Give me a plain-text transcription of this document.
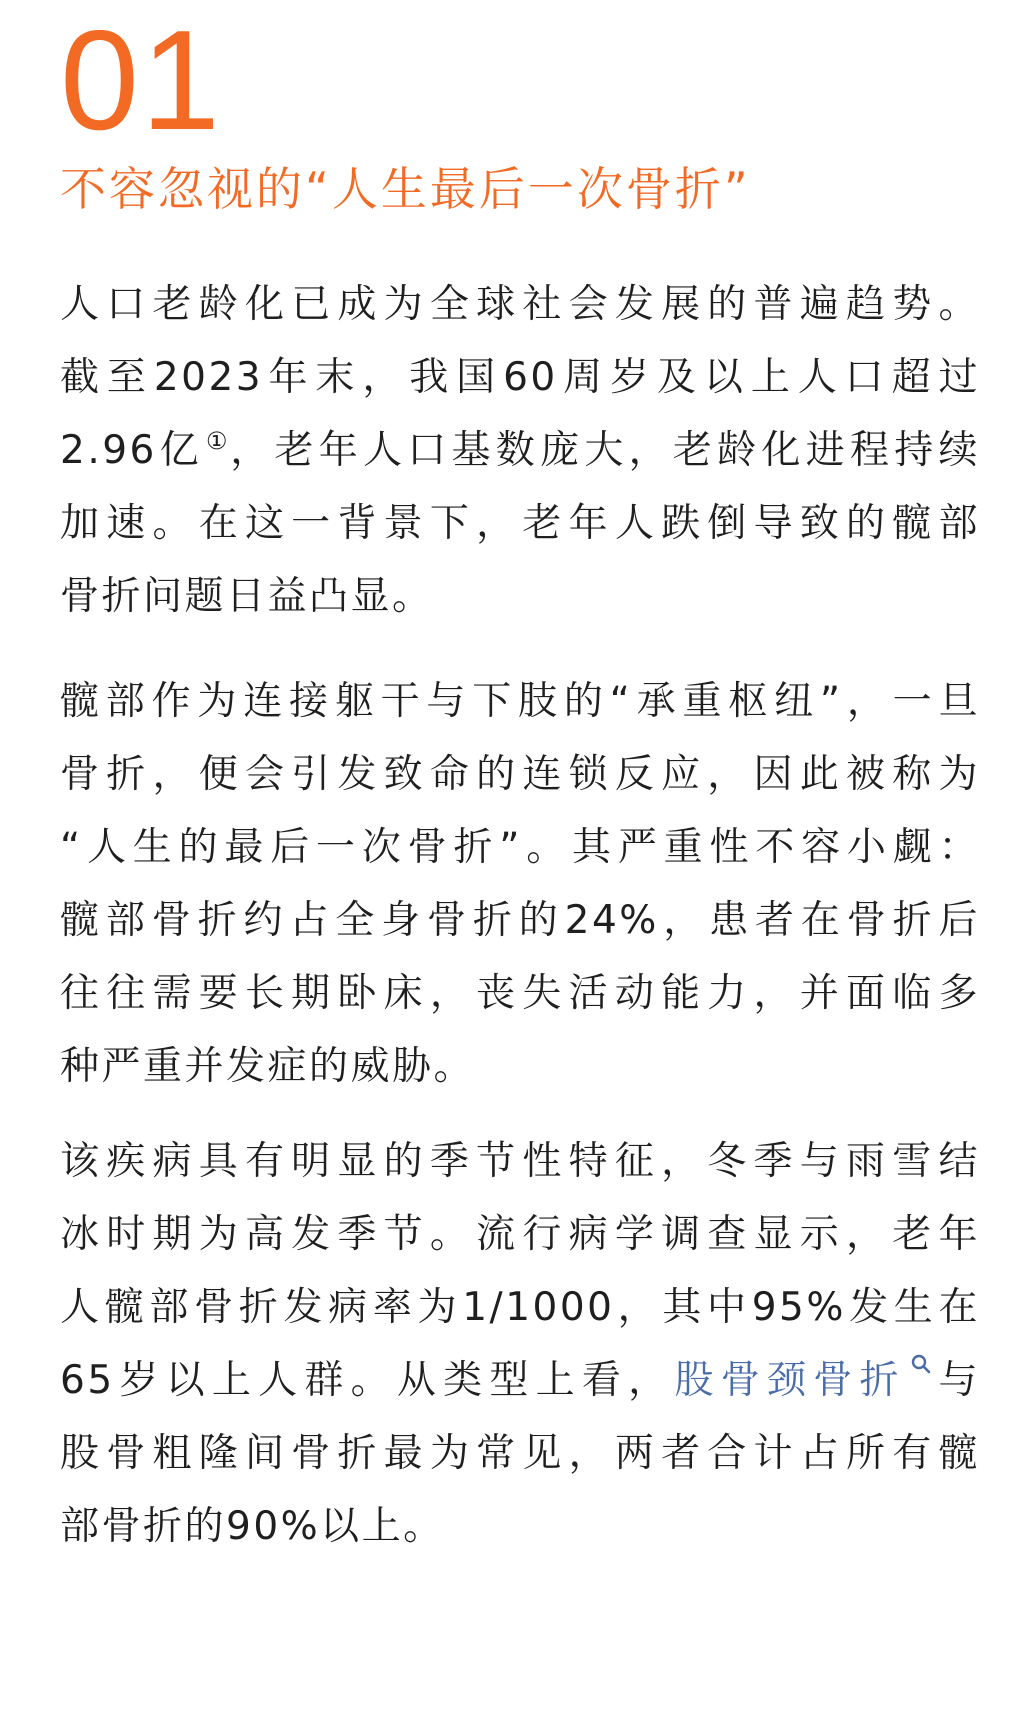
01
不容忽视的“人生最后一次骨折”
人口老龄化已成为全球社会发展的普遍趋势。
截至2023年末，我国60周岁及以上人口超过
2.96亿①，老年人口基数庞大，老龄化进程持续
加速。在这一背景下，老年人跌倒导致的髋部
骨折问题日益凸显。
髋部作为连接躯干与下肢的“承重枢纽”，一旦
骨折，便会引发致命的连锁反应，因此被称为
“人生的最后一次骨折”。其严重性不容小觑：
髋部骨折约占全身骨折的24%，患者在骨折后
往往需要长期卧床，丧失活动能力，并面临多
种严重并发症的威胁。
该疾病具有明显的季节性特征，冬季与雨雪结
冰时期为高发季节。流行病学调查显示，老年
人髋部骨折发病率为1/1000，其中95%发生在
65岁以上人群。从类型上看，股骨颈骨折 与
股骨粗隆间骨折最为常见，两者合计占所有髋
部骨折的90%以上。
